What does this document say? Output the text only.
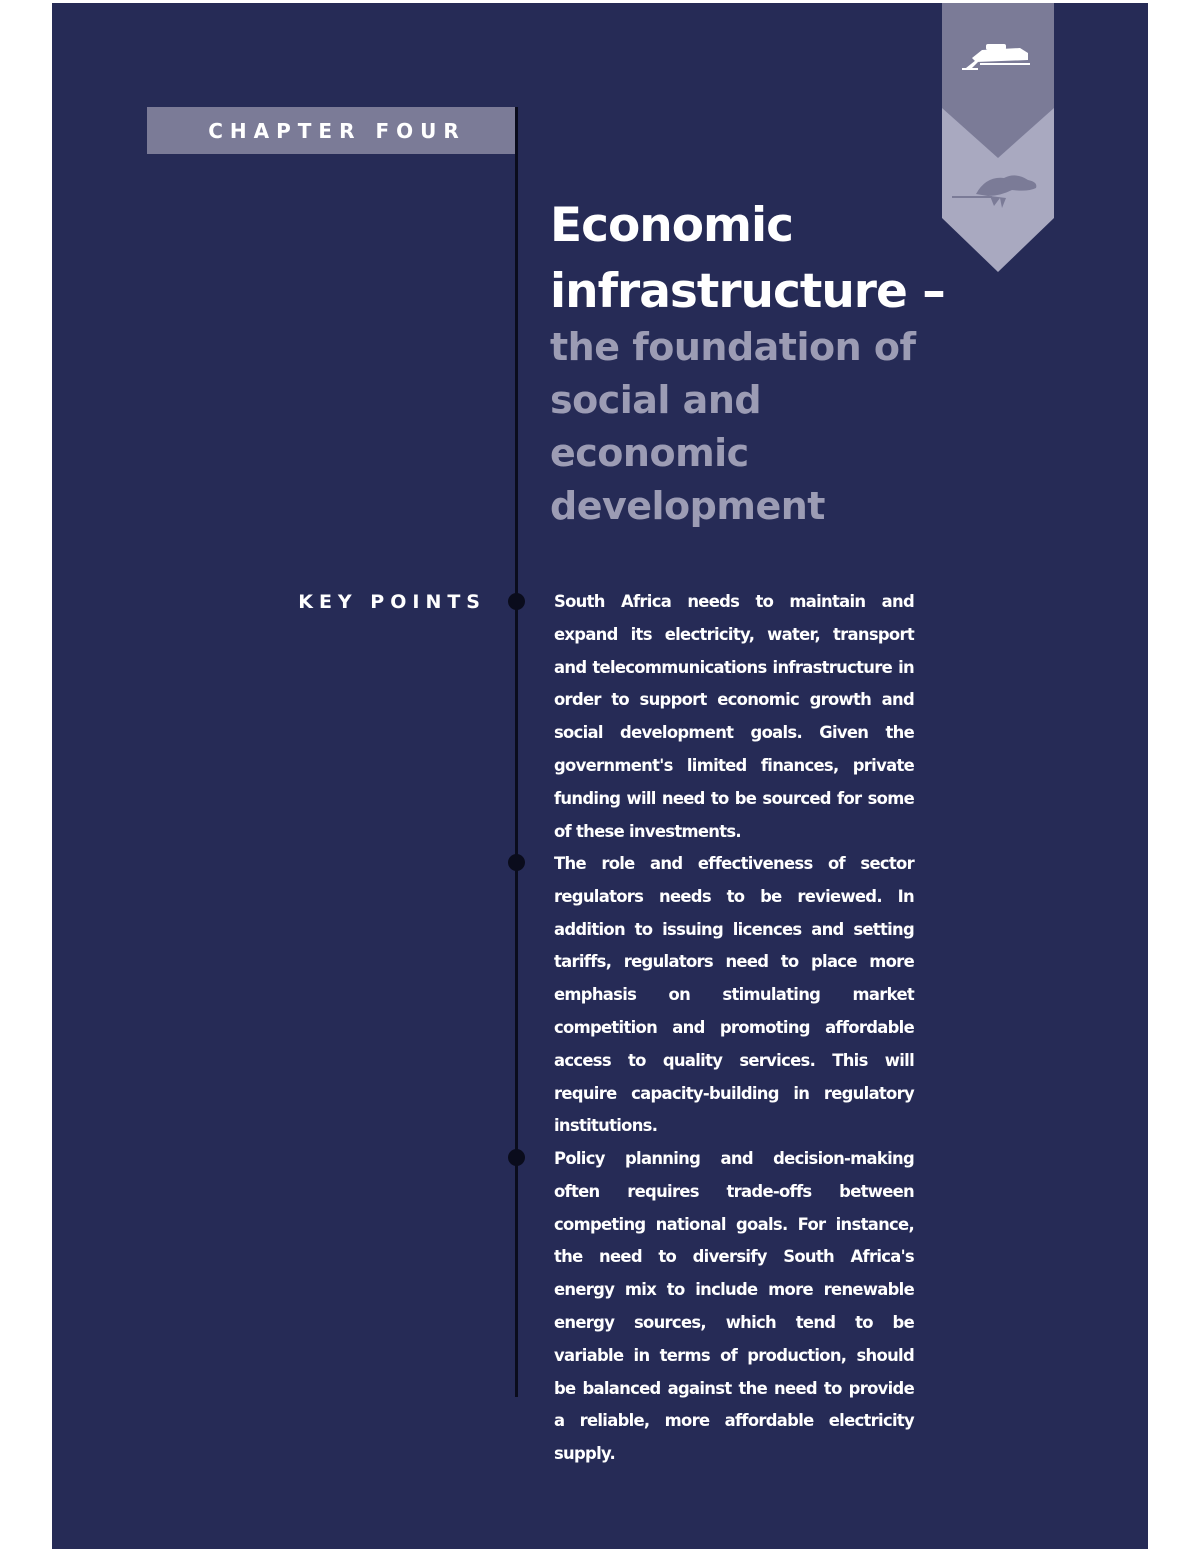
CHAPTER FOUR
Economic
infrastructure –
the foundation of social and economic development
KEY POINTS	South Africa needs to maintain and expand its electricity, water, transport and telecommunications infrastructure in order to support economic growth and social development goals. Given the government's limited finances, private funding will need to be sourced for some of these investments.

The role and effectiveness of sector regulators needs to be reviewed. In addition to issuing licences and setting tariffs, regulators need to place more emphasis on stimulating market competition and promoting affordable access to quality services. This will require capacity-building in regulatory institutions.

Policy planning and decision-making often requires trade-offs between competing national goals. For instance, the need to diversify South Africa's energy mix to include more renewable energy sources, which tend to be variable in terms of production, should be balanced against the need to provide a reliable, more affordable electricity supply.
